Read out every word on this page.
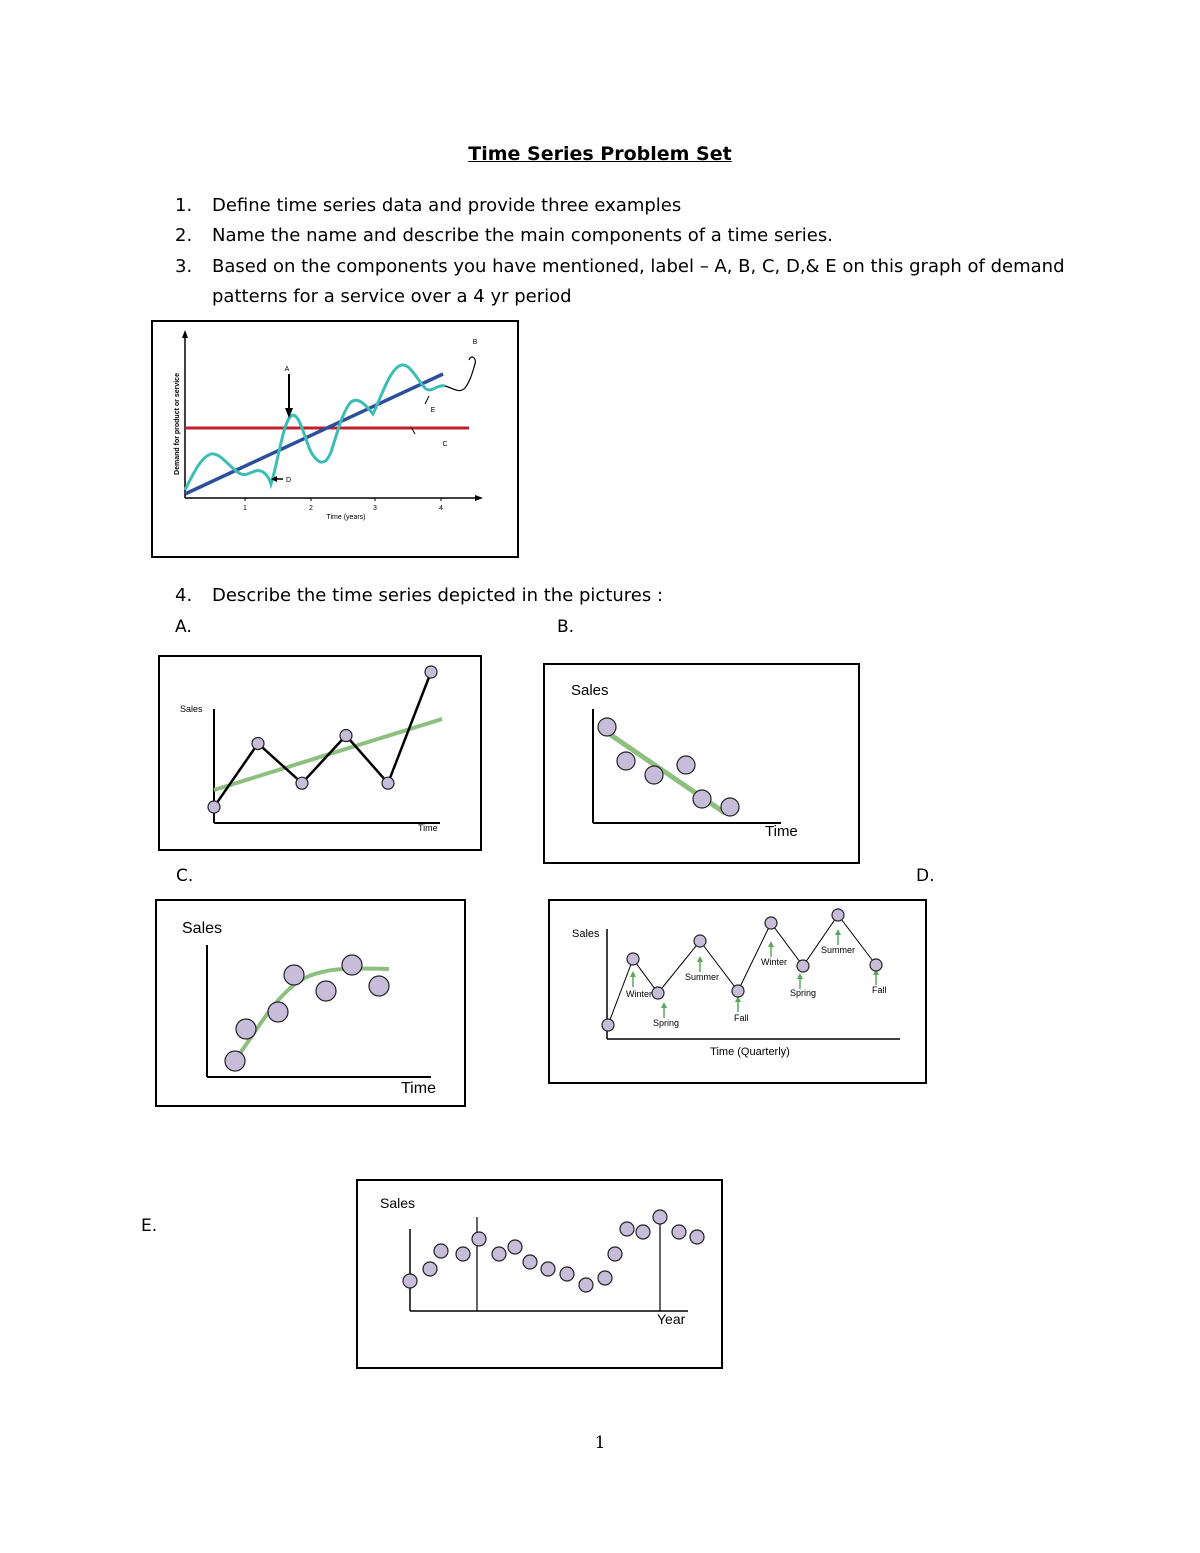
Time Series Problem Set
1.	Define time series data and provide three examples
2.	Name the name and describe the main components of a time series.
3.	Based on the components you have mentioned, label – A, B, C, D,& E on this graph of demand patterns for a service over a 4 yr period
1	2	3	4
Time (years)
Demand for product or service
A
B
C
D
E
4.	Describe the time series depicted in the pictures :
A.	B.
C.	D.
E.
Sales
Time
Sales
Time
Sales
Time
Sales
Time (Quarterly)
Winter
Spring
Summer
Fall
Winter
Spring
Summer
Fall
Sales
Year
1
